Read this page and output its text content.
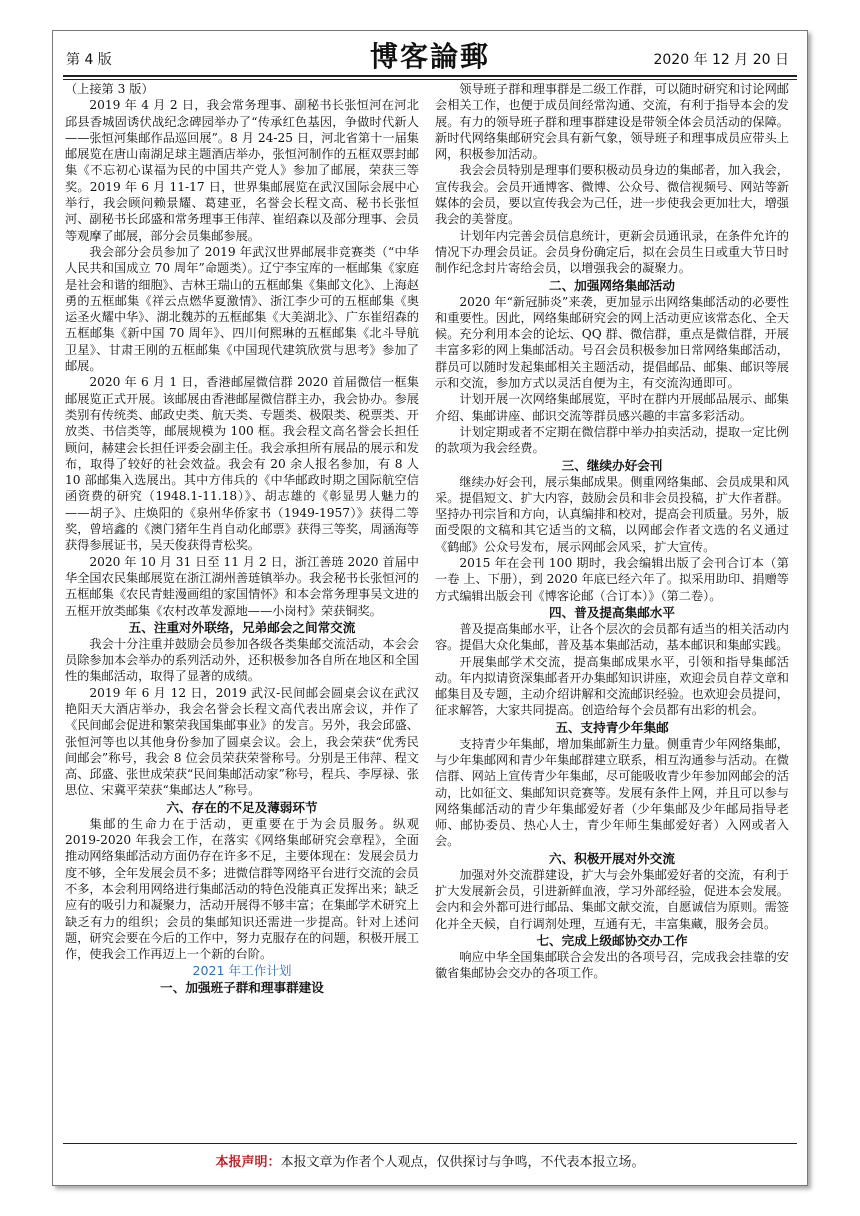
第 4 版	博客論郵	2020 年 12 月 20 日

（上接第 3 版）

2019 年 4 月 2 日，我会常务理事、副秘书长张恒河在河北邱县香城固诱伏战纪念碑园举办了“传承红色基因，争做时代新人——张恒河集邮作品巡回展”。8 月 24-25 日，河北省第十一届集邮展览在唐山南湖足球主题酒店举办，张恒河制作的五框双票封邮集《不忘初心谋福为民的中国共产党人》参加了邮展，荣获三等奖。2019 年 6 月 11-17 日，世界集邮展览在武汉国际会展中心举行，我会顾问赖景耀、葛建亚，名誉会长程文高、秘书长张恒河、副秘书长邱盛和常务理事王伟萍、崔绍森以及部分理事、会员等观摩了邮展，部分会员集邮参展。

我会部分会员参加了 2019 年武汉世界邮展非竞赛类（“中华人民共和国成立 70 周年”命题类）。辽宁李宝库的一框邮集《家庭是社会和谐的细胞》、吉林王瑞山的五框邮集《集邮文化》、上海赵勇的五框邮集《祥云点燃华夏激情》、浙江李少可的五框邮集《奥运圣火耀中华》、湖北魏苏的五框邮集《大美湖北》、广东崔绍森的五框邮集《新中国 70 周年》、四川何熙琳的五框邮集《北斗导航卫星》、甘肃王刚的五框邮集《中国现代建筑欣赏与思考》参加了邮展。

2020 年 6 月 1 日，香港邮屋微信群 2020 首届微信一框集邮展览正式开展。该邮展由香港邮屋微信群主办，我会协办。参展类别有传统类、邮政史类、航天类、专题类、极限类、税票类、开放类、书信类等，邮展规模为 100 框。我会程文高名誉会长担任顾问，赫建会长担任评委会副主任。我会承担所有展品的展示和发布，取得了较好的社会效益。我会有 20 余人报名参加，有 8 人 10 部邮集入选展出。其中方伟兵的《中华邮政时期之国际航空信函资费的研究（1948.1-11.18）》、胡志雄的《彰显男人魅力的——胡子》、庄焕阳的《泉州华侨家书（1949-1957）》获得二等奖，曾培鑫的《澳门猪年生肖自动化邮票》获得三等奖，周涵海等获得参展证书，吴天俊获得青松奖。

2020 年 10 月 31 日至 11 月 2 日，浙江善琏 2020 首届中华全国农民集邮展览在浙江湖州善琏镇举办。我会秘书长张恒河的五框邮集《农民青蛙漫画组的家国情怀》和本会常务理事吴文进的五框开放类邮集《农村改革发源地——小岗村》荣获铜奖。

五、注重对外联络，兄弟邮会之间常交流

我会十分注重并鼓励会员参加各级各类集邮交流活动，本会会员除参加本会举办的系列活动外，还积极参加各自所在地区和全国性的集邮活动，取得了显著的成绩。

2019 年 6 月 12 日，2019 武汉-民间邮会圆桌会议在武汉艳阳天大酒店举办，我会名誉会长程文高代表出席会议，并作了《民间邮会促进和繁荣我国集邮事业》的发言。另外，我会邱盛、张恒河等也以其他身份参加了圆桌会议。会上，我会荣获“优秀民间邮会”称号，我会 8 位会员荣获荣誉称号。分别是王伟萍、程文高、邱盛、张世成荣获“民间集邮活动家”称号，程兵、李厚禄、张思位、宋冀平荣获“集邮达人”称号。

六、存在的不足及薄弱环节

集邮的生命力在于活动，更重要在于为会员服务。纵观 2019-2020 年我会工作，在落实《网络集邮研究会章程》，全面推动网络集邮活动方面仍存在许多不足，主要体现在：发展会员力度不够，全年发展会员不多；进微信群等网络平台进行交流的会员不多，本会利用网络进行集邮活动的特色没能真正发挥出来；缺乏应有的吸引力和凝聚力，活动开展得不够丰富；在集邮学术研究上缺乏有力的组织；会员的集邮知识还需进一步提高。针对上述问题，研究会要在今后的工作中，努力克服存在的问题，积极开展工作，使我会工作再迈上一个新的台阶。

2021 年工作计划
一、加强班子群和理事群建设

领导班子群和理事群是二级工作群，可以随时研究和讨论网邮会相关工作，也便于成员间经常沟通、交流，有利于指导本会的发展。有力的领导班子群和理事群建设是带领全体会员活动的保障。新时代网络集邮研究会具有新气象，领导班子和理事成员应带头上网，积极参加活动。

我会会员特别是理事们要积极动员身边的集邮者，加入我会，宣传我会。会员开通博客、微博、公众号、微信视频号、网站等新媒体的会员，要以宣传我会为己任，进一步使我会更加壮大，增强我会的美誉度。

计划年内完善会员信息统计，更新会员通讯录，在条件允许的情况下办理会员证。会员身份确定后，拟在会员生日或重大节日时制作纪念封片寄给会员，以增强我会的凝聚力。

二、加强网络集邮活动

2020 年“新冠肺炎”来袭，更加显示出网络集邮活动的必要性和重要性。因此，网络集邮研究会的网上活动更应该常态化、全天候。充分利用本会的论坛、QQ 群、微信群，重点是微信群，开展丰富多彩的网上集邮活动。号召会员积极参加日常网络集邮活动，群员可以随时发起集邮相关主题活动，提倡邮品、邮集、邮识等展示和交流，参加方式以灵活自便为主，有交流沟通即可。

计划开展一次网络集邮展览，平时在群内开展邮品展示、邮集介绍、集邮讲座、邮识交流等群员感兴趣的丰富多彩活动。

计划定期或者不定期在微信群中举办拍卖活动，提取一定比例的款项为我会经费。

三、继续办好会刊

继续办好会刊，展示集邮成果。侧重网络集邮、会员成果和风采。提倡短文、扩大内容，鼓励会员和非会员投稿，扩大作者群。坚持办刊宗旨和方向，认真编排和校对，提高会刊质量。另外，版面受限的文稿和其它适当的文稿，以网邮会作者文选的名义通过《鹤邮》公众号发布，展示网邮会风采，扩大宣传。

2015 年在会刊 100 期时，我会编辑出版了会刊合订本（第一卷 上、下册），到 2020 年底已经六年了。拟采用助印、捐赠等方式编辑出版会刊《博客论邮（合订本）》（第二卷）。

四、普及提高集邮水平

普及提高集邮水平，让各个层次的会员都有适当的相关活动内容。提倡大众化集邮，普及基本集邮活动，基本邮识和集邮实践。

开展集邮学术交流，提高集邮成果水平，引领和指导集邮活动。年内拟请资深集邮者开办集邮知识讲座，欢迎会员自荐文章和邮集目及专题，主动介绍讲解和交流邮识经验。也欢迎会员提问，征求解答，大家共同提高。创造给每个会员都有出彩的机会。

五、支持青少年集邮

支持青少年集邮，增加集邮新生力量。侧重青少年网络集邮，与少年集邮网和青少年集邮群建立联系，相互沟通参与活动。在微信群、网站上宣传青少年集邮，尽可能吸收青少年参加网邮会的活动，比如征文、集邮知识竞赛等。发展有条件上网，并且可以参与网络集邮活动的青少年集邮爱好者（少年集邮及少年邮局指导老师、邮协委员、热心人士，青少年师生集邮爱好者）入网或者入会。

六、积极开展对外交流

加强对外交流群建设，扩大与会外集邮爱好者的交流，有利于扩大发展新会员，引进新鲜血液，学习外部经验，促进本会发展。会内和会外都可进行邮品、集邮文献交流，自愿诚信为原则。需签化并全天候，自行调剂处理，互通有无，丰富集藏，服务会员。

七、完成上级邮协交办工作

响应中华全国集邮联合会发出的各项号召，完成我会挂靠的安徽省集邮协会交办的各项工作。

本报声明：本报文章为作者个人观点，仅供探讨与争鸣，不代表本报立场。
